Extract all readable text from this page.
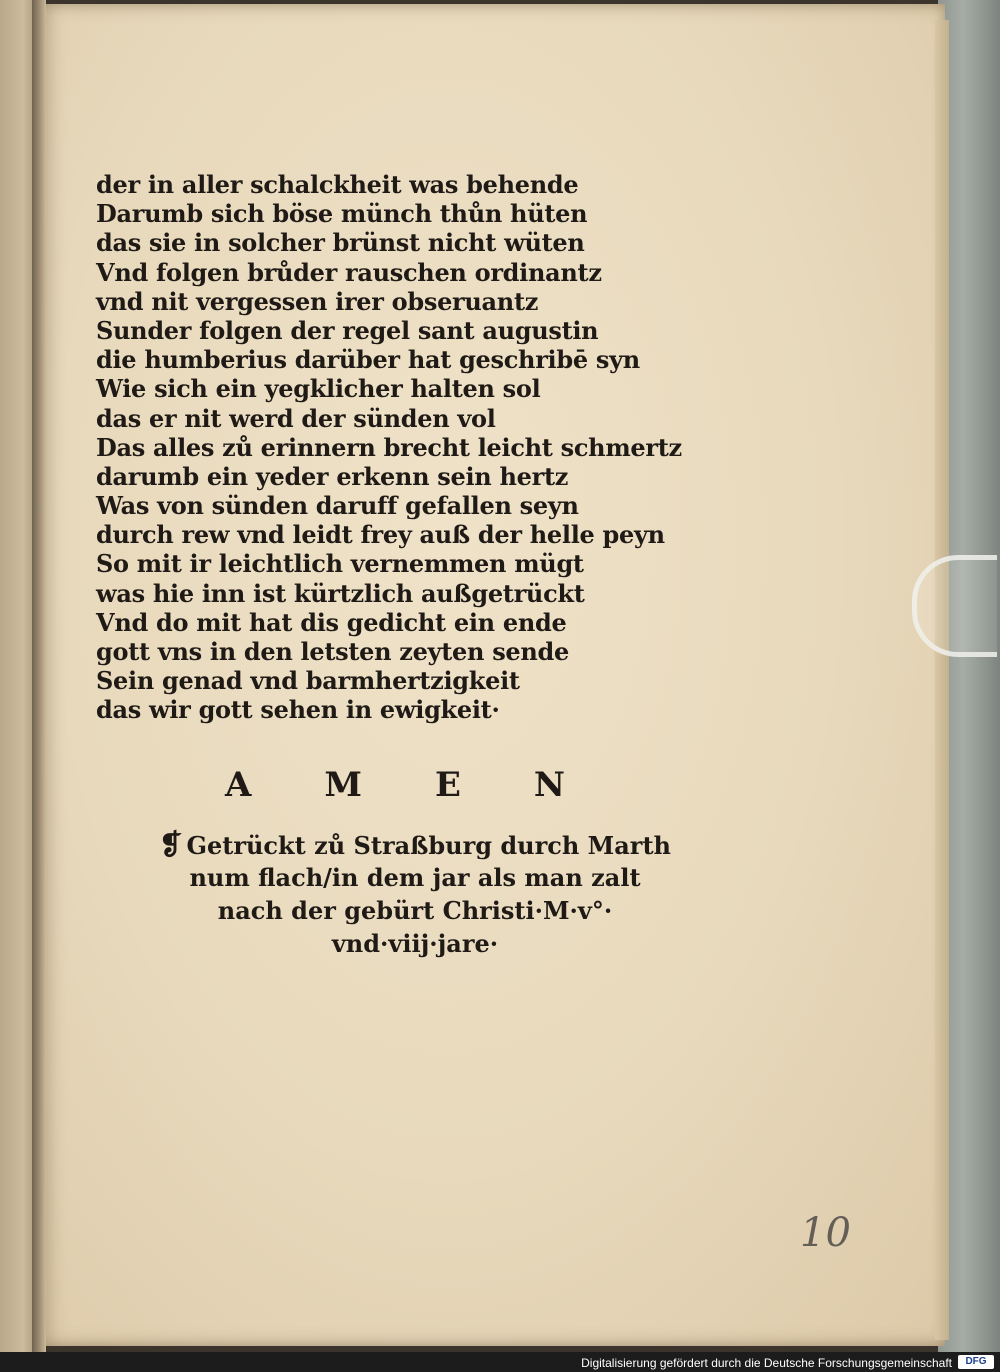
der in aller schalckheit was behende
Darumb sich böse münch thůn hüten
das sie in solcher brünst nicht wüten
Vnd folgen brůder rauschen ordinantz
vnd nit vergessen irer obseruantz
Sunder folgen der regel sant augustin
die humberius darüber hat geschribē syn
Wie sich ein yegklicher halten sol
das er nit werd der sünden vol
Das alles zů erinnern brecht leicht schmertz
darumb ein yeder erkenn sein hertz
Was von sünden daruff gefallen seyn
durch rew vnd leidt frey auß der helle peyn
So mit ir leichtlich vernemmen mügt
was hie inn ist kürtzlich außgetrückt
Vnd do mit hat dis gedicht ein ende
gott vns in den letsten zeyten sende
Sein genad vnd barmhertzigkeit
das wir gott sehen in ewigkeit·
A M E N
❡ Getrückt zů Straßburg durch Marth
num flach/in dem jar als man zalt
nach der gebürt Christi·M·v°·
vnd·viij·jare·
10
Digitalisierung gefördert durch die Deutsche Forschungsgemeinschaft	DFG
